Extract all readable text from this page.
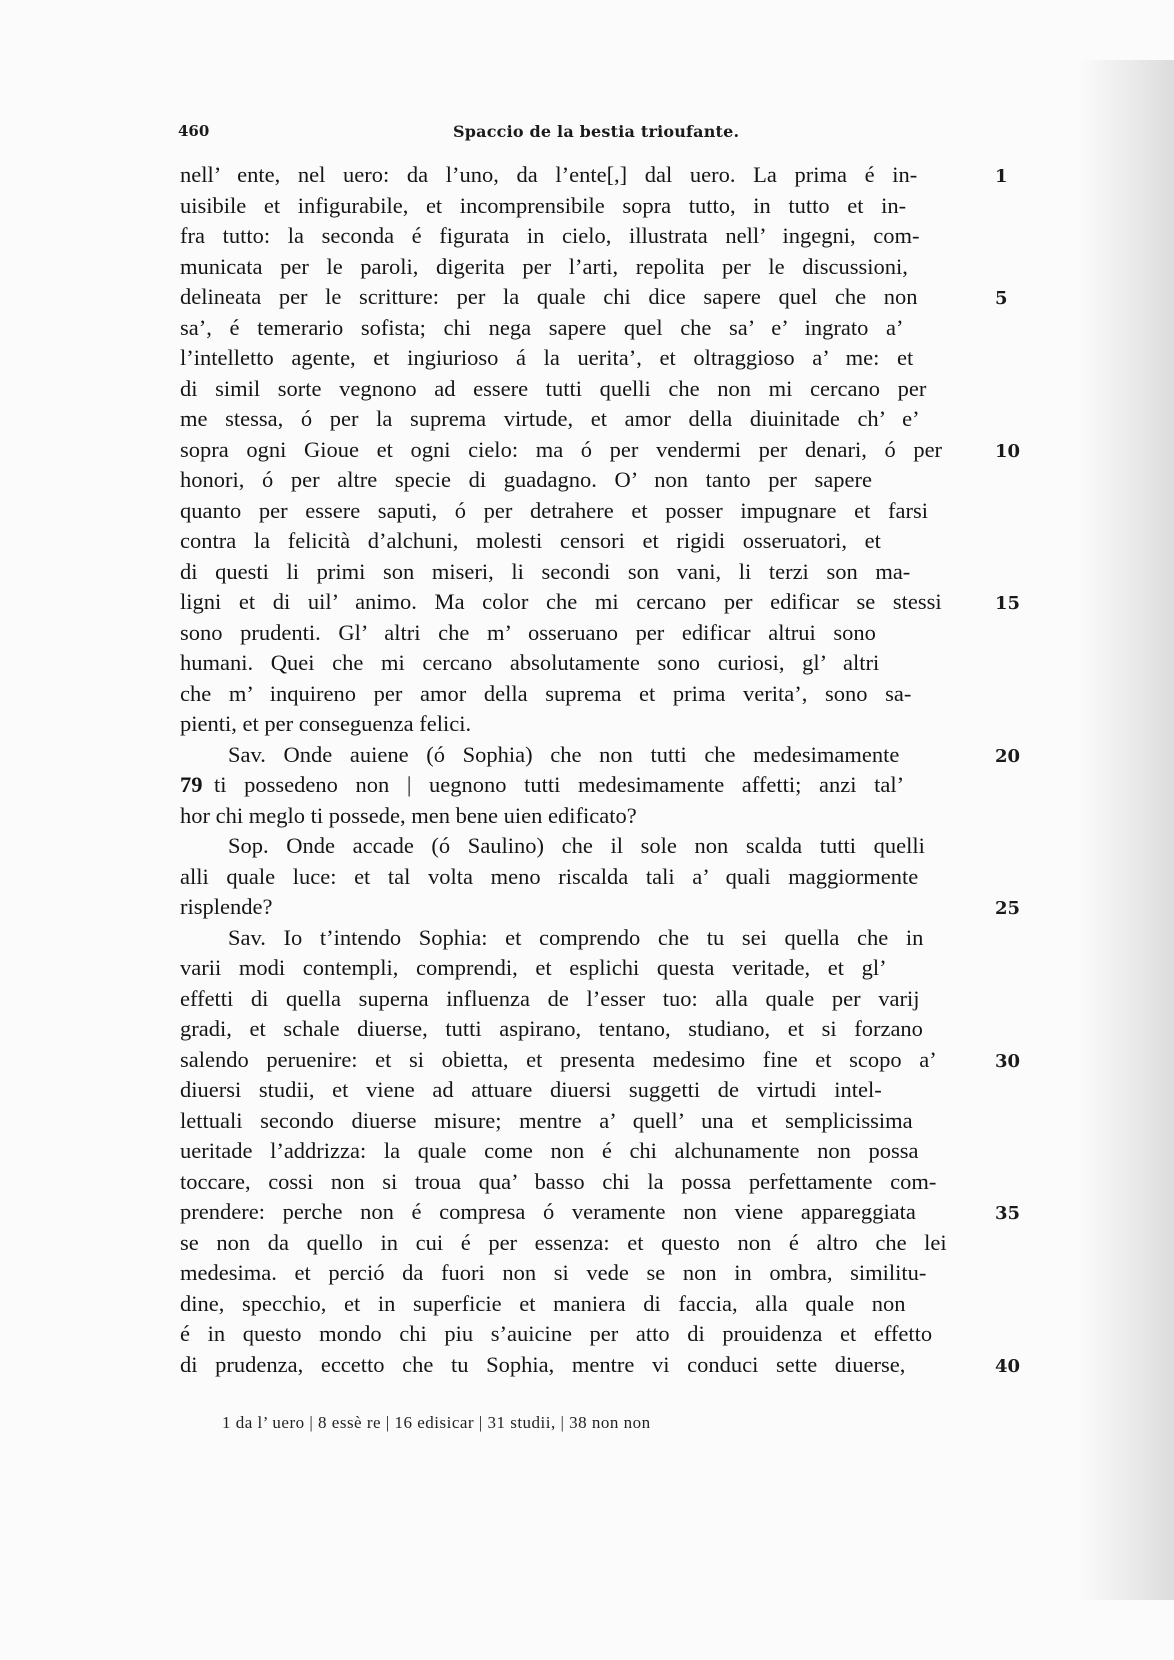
460	Spaccio de la bestia trioufante.
nell’ ente, nel uero: da l’uno, da l’ente[,] dal uero. La prima é in-	1
uisibile et infigurabile, et incomprensibile sopra tutto, in tutto et in-
fra tutto: la seconda é figurata in cielo, illustrata nell’ ingegni, com-
municata per le paroli, digerita per l’arti, repolita per le discussioni,
delineata per le scritture: per la quale chi dice sapere quel che non	5
sa’, é temerario sofista; chi nega sapere quel che sa’ e’ ingrato a’
l’intelletto agente, et ingiurioso á la uerita’, et oltraggioso a’ me: et
di simil sorte vegnono ad essere tutti quelli che non mi cercano per
me stessa, ó per la suprema virtude, et amor della diuinitade ch’ e’
sopra ogni Gioue et ogni cielo: ma ó per vendermi per denari, ó per	10
honori, ó per altre specie di guadagno. O’ non tanto per sapere
quanto per essere saputi, ó per detrahere et posser impugnare et farsi
contra la felicità d’alchuni, molesti censori et rigidi osseruatori, et
di questi li primi son miseri, li secondi son vani, li terzi son ma-
ligni et di uil’ animo. Ma color che mi cercano per edificar se stessi	15
sono prudenti. Gl’ altri che m’ osseruano per edificar altrui sono
humani. Quei che mi cercano absolutamente sono curiosi, gl’ altri
che m’ inquireno per amor della suprema et prima verita’, sono sa-
pienti, et per conseguenza felici.
Sav. Onde auiene (ó Sophia) che non tutti che medesimamente	20
ti possedeno non | uegnono tutti medesimamente affetti; anzi tal’
79
hor chi meglo ti possede, men bene uien edificato?
Sop. Onde accade (ó Saulino) che il sole non scalda tutti quelli
alli quale luce: et tal volta meno riscalda tali a’ quali maggiormente
risplende?	25
Sav. Io t’intendo Sophia: et comprendo che tu sei quella che in
varii modi contempli, comprendi, et esplichi questa veritade, et gl’
effetti di quella superna influenza de l’esser tuo: alla quale per varij
gradi, et schale diuerse, tutti aspirano, tentano, studiano, et si forzano
salendo peruenire: et si obietta, et presenta medesimo fine et scopo a’	30
diuersi studii, et viene ad attuare diuersi suggetti de virtudi intel-
lettuali secondo diuerse misure; mentre a’ quell’ una et semplicissima
ueritade l’addrizza: la quale come non é chi alchunamente non possa
toccare, cossi non si troua qua’ basso chi la possa perfettamente com-
prendere: perche non é compresa ó veramente non viene appareggiata	35
se non da quello in cui é per essenza: et questo non é altro che lei
medesima. et perció da fuori non si vede se non in ombra, similitu-
dine, specchio, et in superficie et maniera di faccia, alla quale non
é in questo mondo chi piu s’auicine per atto di prouidenza et effetto
di prudenza, eccetto che tu Sophia, mentre vi conduci sette diuerse,	40
1 da l’ uero | 8 essè re | 16 edisicar | 31 studii, | 38 non non
